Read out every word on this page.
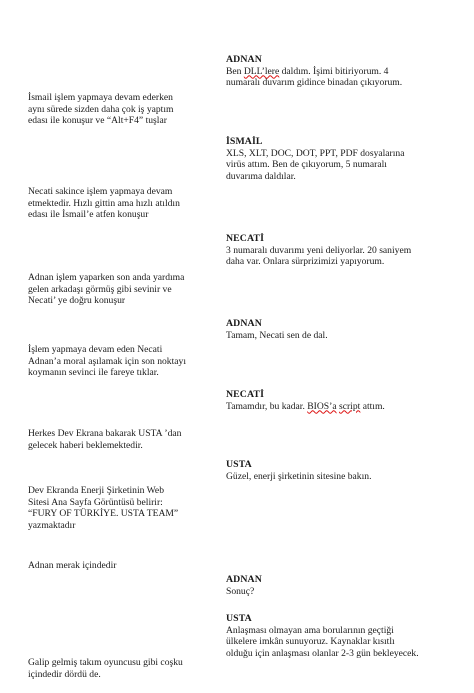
İsmail işlem yapmaya devam ederken
aynı sürede sizden daha çok iş yaptım
edası ile konuşur ve “Alt+F4” tuşlar
Necati sakince işlem yapmaya devam
etmektedir. Hızlı gittin ama hızlı atıldın
edası ile İsmail’e atfen konuşur
Adnan işlem yaparken son anda yardıma
gelen arkadaşı görmüş gibi sevinir ve
Necati’ ye doğru konuşur
İşlem yapmaya devam eden Necati
Adnan’a moral aşılamak için son noktayı
koymanın sevinci ile fareye tıklar.
Herkes Dev Ekrana bakarak USTA ’dan
gelecek haberi beklemektedir.
Dev Ekranda Enerji Şirketinin Web
Sitesi Ana Sayfa Görüntüsü belirir:
“FURY OF TÜRKİYE. USTA TEAM”
yazmaktadır
Adnan merak içindedir
Galip gelmiş takım oyuncusu gibi coşku
içindedir dördü de.
ADNAN
Ben DLL’lere daldım. İşimi bitiriyorum. 4
numaralı duvarım gidince binadan çıkıyorum.
İSMAİL
XLS, XLT, DOC, DOT, PPT, PDF dosyalarına
virüs attım. Ben de çıkıyorum, 5 numaralı
duvarıma daldılar.
NECATİ
3 numaralı duvarımı yeni deliyorlar. 20 saniyem
daha var. Onlara sürprizimizi yapıyorum.
ADNAN
Tamam, Necati sen de dal.
NECATİ
Tamamdır, bu kadar. BIOS’a script attım.
USTA
Güzel, enerji şirketinin sitesine bakın.
ADNAN
Sonuç?
USTA
Anlaşması olmayan ama borularının geçtiği
ülkelere imkân sunuyoruz. Kaynaklar kısıtlı
olduğu için anlaşması olanlar 2-3 gün bekleyecek.
